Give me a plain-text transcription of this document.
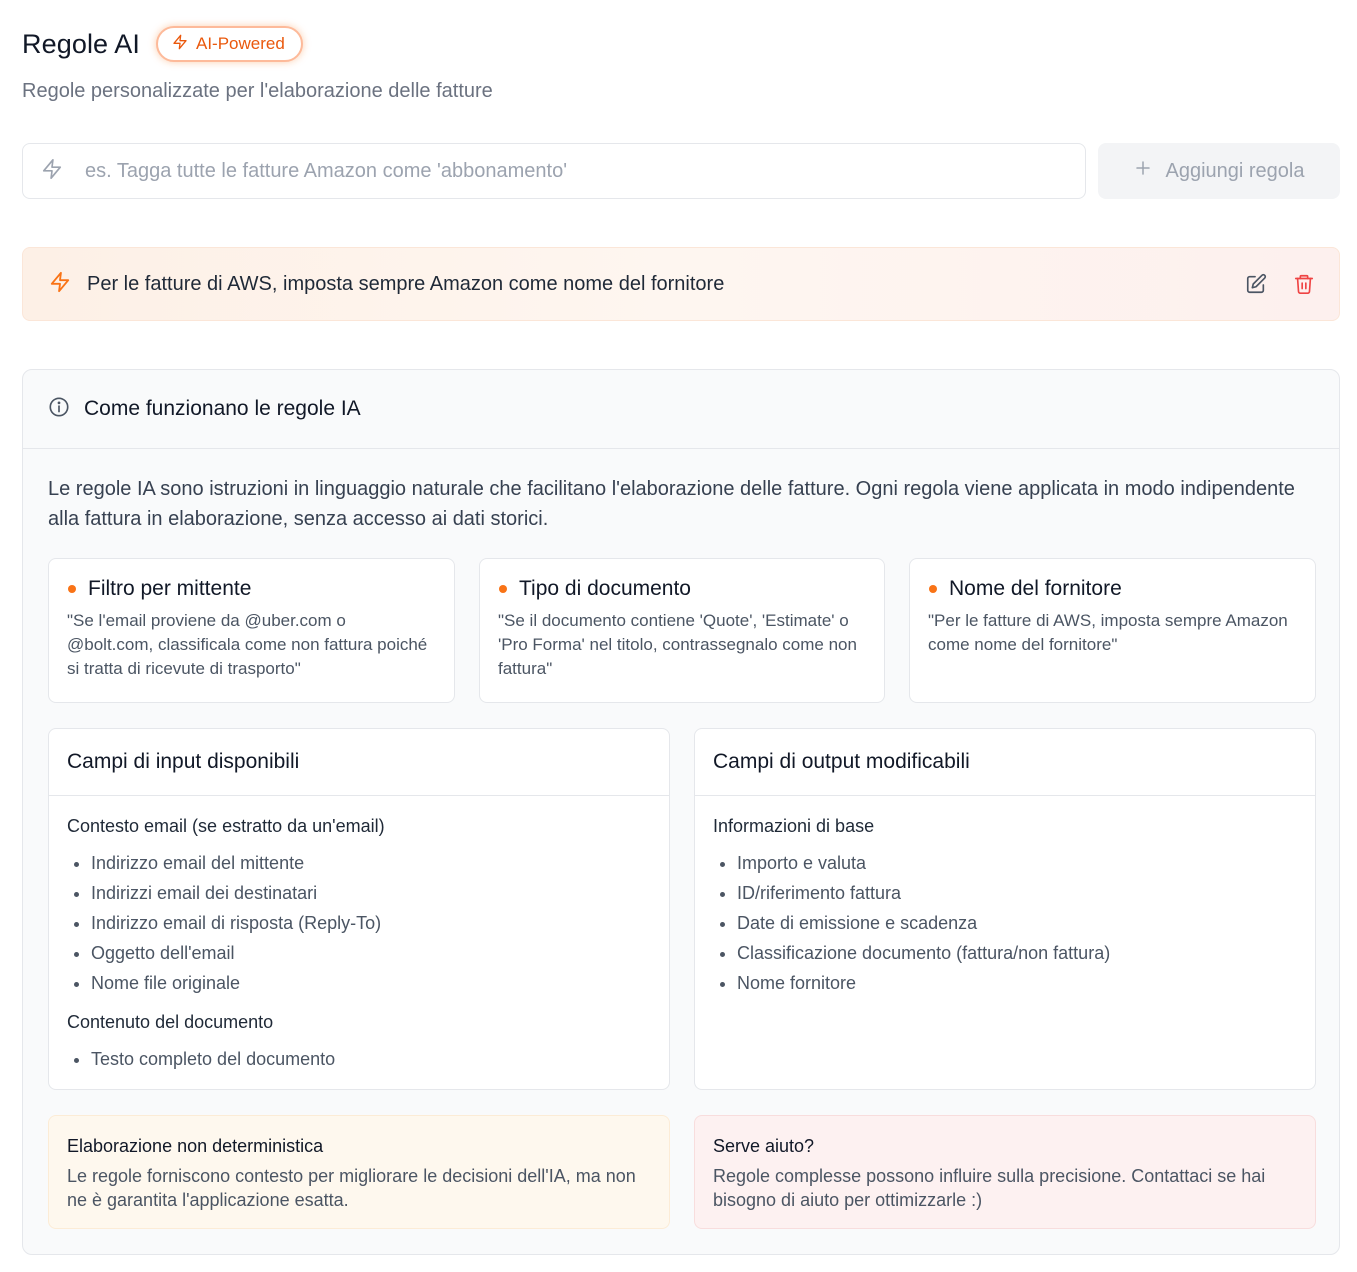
Regole AI	AI-Powered
Regole personalizzate per l'elaborazione delle fatture
es. Tagga tutte le fatture Amazon come 'abbonamento'
Aggiungi regola
Per le fatture di AWS, imposta sempre Amazon come nome del fornitore
Come funzionano le regole IA
Le regole IA sono istruzioni in linguaggio naturale che facilitano l'elaborazione delle fatture. Ogni regola viene applicata in modo indipendente alla fattura in elaborazione, senza accesso ai dati storici.
Filtro per mittente
"Se l'email proviene da @uber.com o @bolt.com, classificala come non fattura poiché si tratta di ricevute di trasporto"
Tipo di documento
"Se il documento contiene 'Quote', 'Estimate' o 'Pro Forma' nel titolo, contrassegnalo come non fattura"
Nome del fornitore
"Per le fatture di AWS, imposta sempre Amazon come nome del fornitore"
Campi di input disponibili
Contesto email (se estratto da un'email)
• Indirizzo email del mittente
• Indirizzi email dei destinatari
• Indirizzo email di risposta (Reply-To)
• Oggetto dell'email
• Nome file originale
Contenuto del documento
• Testo completo del documento
Campi di output modificabili
Informazioni di base
• Importo e valuta
• ID/riferimento fattura
• Date di emissione e scadenza
• Classificazione documento (fattura/non fattura)
• Nome fornitore
Elaborazione non deterministica
Le regole forniscono contesto per migliorare le decisioni dell'IA, ma non ne è garantita l'applicazione esatta.
Serve aiuto?
Regole complesse possono influire sulla precisione. Contattaci se hai bisogno di aiuto per ottimizzarle :)
